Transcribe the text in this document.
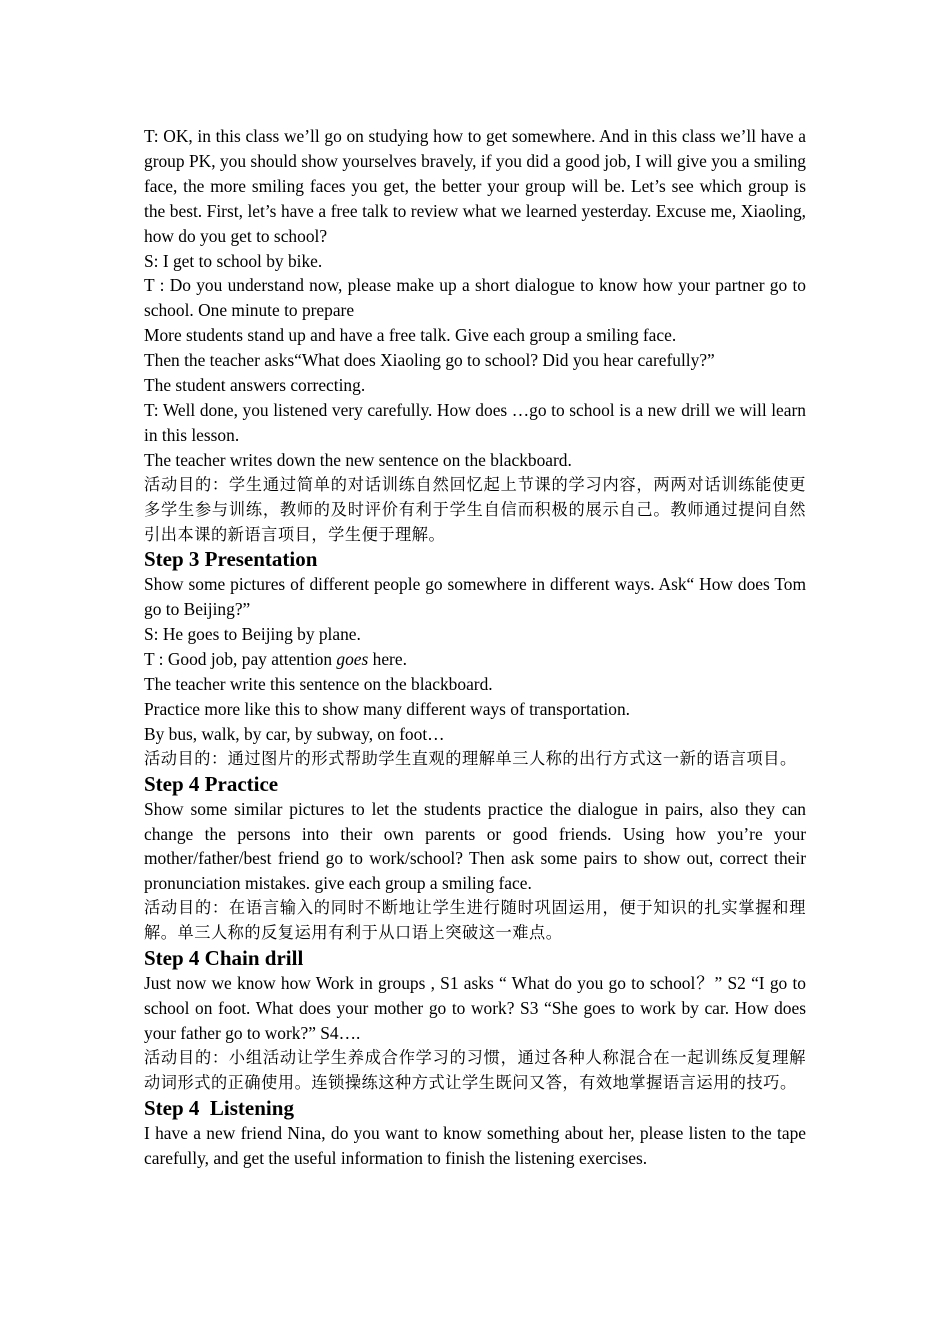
T: OK, in this class we’ll go on studying how to get somewhere. And in this class we’ll have a group PK, you should show yourselves bravely, if you did a good job, I will give you a smiling face, the more smiling faces you get, the better your group will be. Let’s see which group is the best. First, let’s have a free talk to review what we learned yesterday. Excuse me, Xiaoling, how do you get to school?

S: I get to school by bike.

T : Do you understand now, please make up a short dialogue to know how your partner go to school. One minute to prepare

More students stand up and have a free talk. Give each group a smiling face.

Then the teacher asks“What does Xiaoling go to school? Did you hear carefully?”

The student answers correcting.

T: Well done, you listened very carefully. How does …go to school is a new drill we will learn in this lesson.

The teacher writes down the new sentence on the blackboard.

活动目的：学生通过简单的对话训练自然回忆起上节课的学习内容，两两对话训练能使更多学生参与训练，教师的及时评价有利于学生自信而积极的展示自己。教师通过提问自然引出本课的新语言项目，学生便于理解。

Step 3 Presentation

Show some pictures of different people go somewhere in different ways. Ask“ How does Tom go to Beijing?”

S: He goes to Beijing by plane.

T : Good job, pay attention goes here.

The teacher write this sentence on the blackboard.

Practice more like this to show many different ways of transportation.

By bus, walk, by car, by subway, on foot…

活动目的：通过图片的形式帮助学生直观的理解单三人称的出行方式这一新的语言项目。

Step 4 Practice

Show some similar pictures to let the students practice the dialogue in pairs, also they can change the persons into their own parents or good friends. Using how you’re your mother/father/best friend go to work/school? Then ask some pairs to show out, correct their pronunciation mistakes. give each group a smiling face.

活动目的：在语言输入的同时不断地让学生进行随时巩固运用，便于知识的扎实掌握和理解。单三人称的反复运用有利于从口语上突破这一难点。

Step 4 Chain drill

Just now we know how Work in groups , S1 asks “ What do you go to school？” S2 “I go to school on foot. What does your mother go to work? S3 “She goes to work by car. How does your father go to work?” S4….

活动目的：小组活动让学生养成合作学习的习惯，通过各种人称混合在一起训练反复理解动词形式的正确使用。连锁操练这种方式让学生既问又答，有效地掌握语言运用的技巧。

Step 4  Listening

I have a new friend Nina, do you want to know something about her, please listen to the tape carefully, and get the useful information to finish the listening exercises.
